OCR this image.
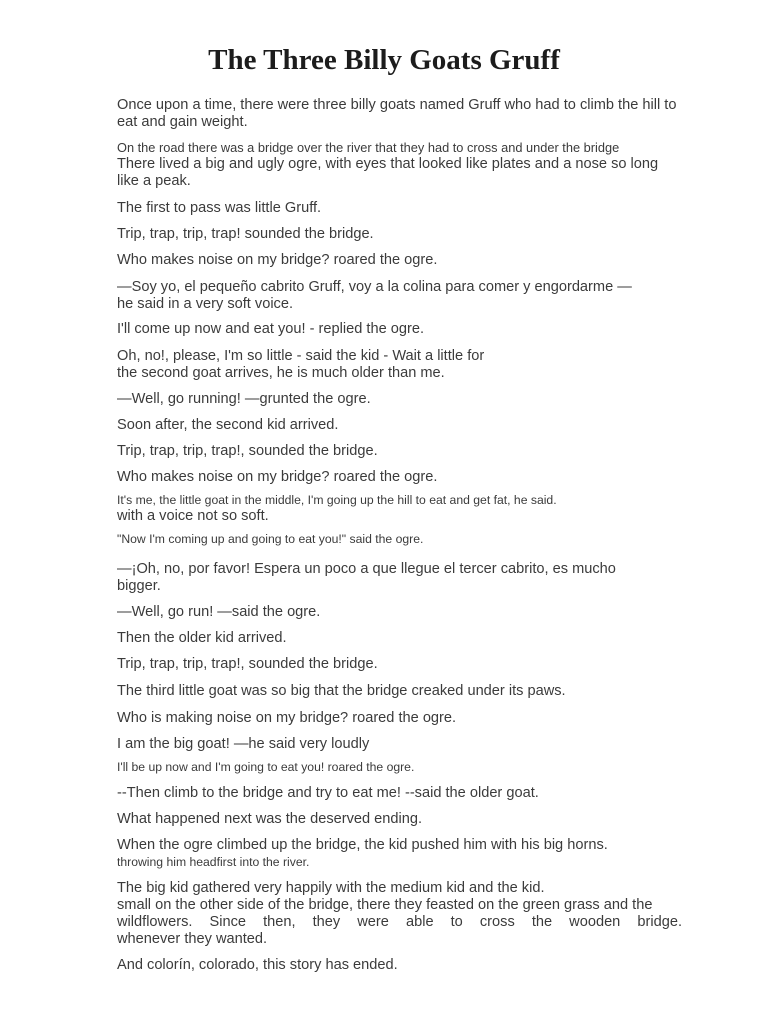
The Three Billy Goats Gruff

Once upon a time, there were three billy goats named Gruff who had to climb the hill to
eat and gain weight.

On the road there was a bridge over the river that they had to cross and under the bridge
There lived a big and ugly ogre, with eyes that looked like plates and a nose so long
like a peak.

The first to pass was little Gruff.

Trip, trap, trip, trap! sounded the bridge.

Who makes noise on my bridge? roared the ogre.

—Soy yo, el pequeño cabrito Gruff, voy a la colina para comer y engordarme —
he said in a very soft voice.

I'll come up now and eat you! - replied the ogre.

Oh, no!, please, I'm so little - said the kid - Wait a little for
the second goat arrives, he is much older than me.

—Well, go running! —grunted the ogre.

Soon after, the second kid arrived.

Trip, trap, trip, trap!, sounded the bridge.

Who makes noise on my bridge? roared the ogre.

It's me, the little goat in the middle, I'm going up the hill to eat and get fat, he said.
with a voice not so soft.

"Now I'm coming up and going to eat you!" said the ogre.

—¡Oh, no, por favor! Espera un poco a que llegue el tercer cabrito, es mucho
bigger.

—Well, go run! —said the ogre.

Then the older kid arrived.

Trip, trap, trip, trap!, sounded the bridge.

The third little goat was so big that the bridge creaked under its paws.

Who is making noise on my bridge? roared the ogre.

I am the big goat! —he said very loudly

I'll be up now and I'm going to eat you! roared the ogre.

--Then climb to the bridge and try to eat me! --said the older goat.

What happened next was the deserved ending.

When the ogre climbed up the bridge, the kid pushed him with his big horns.
throwing him headfirst into the river.

The big kid gathered very happily with the medium kid and the kid.
small on the other side of the bridge, there they feasted on the green grass and the
wildflowers. Since then, they were able to cross the wooden bridge.
whenever they wanted.

And colorín, colorado, this story has ended.
